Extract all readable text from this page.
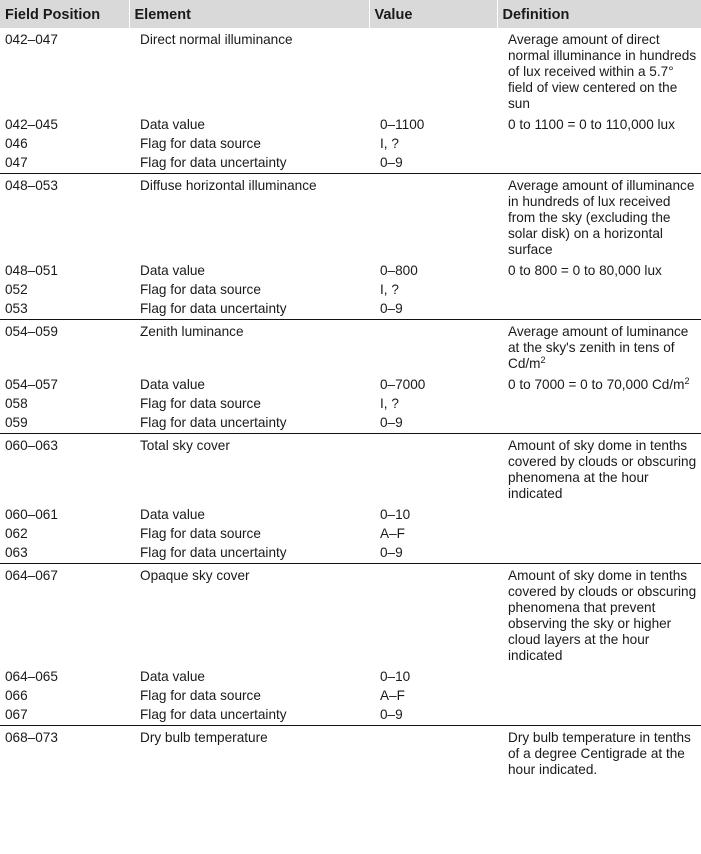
Field Position	Element	Value	Definition
042–047	Direct normal illuminance		Average amount of direct normal illuminance in hundreds of lux received within a 5.7° field of view centered on the sun
042–045	Data value	0–1100	0 to 1100 = 0 to 110,000 lux
046	Flag for data source	I, ?	
047	Flag for data uncertainty	0–9	
048–053	Diffuse horizontal illuminance		Average amount of illuminance in hundreds of lux received from the sky (excluding the solar disk) on a horizontal surface
048–051	Data value	0–800	0 to 800 = 0 to 80,000 lux
052	Flag for data source	I, ?	
053	Flag for data uncertainty	0–9	
054–059	Zenith luminance		Average amount of luminance at the sky's zenith in tens of $Cd/m^2$
054–057	Data value	0–7000	0 to 7000 = 0 to 70,000 $Cd/m^2$
058	Flag for data source	I, ?	
059	Flag for data uncertainty	0–9	
060–063	Total sky cover		Amount of sky dome in tenths covered by clouds or obscuring phenomena at the hour indicated
060–061	Data value	0–10	
062	Flag for data source	A–F	
063	Flag for data uncertainty	0–9	
064–067	Opaque sky cover		Amount of sky dome in tenths covered by clouds or obscuring phenomena that prevent observing the sky or higher cloud layers at the hour indicated
064–065	Data value	0–10	
066	Flag for data source	A–F	
067	Flag for data uncertainty	0–9	
068–073	Dry bulb temperature		Dry bulb temperature in tenths of a degree Centigrade at the hour indicated.
